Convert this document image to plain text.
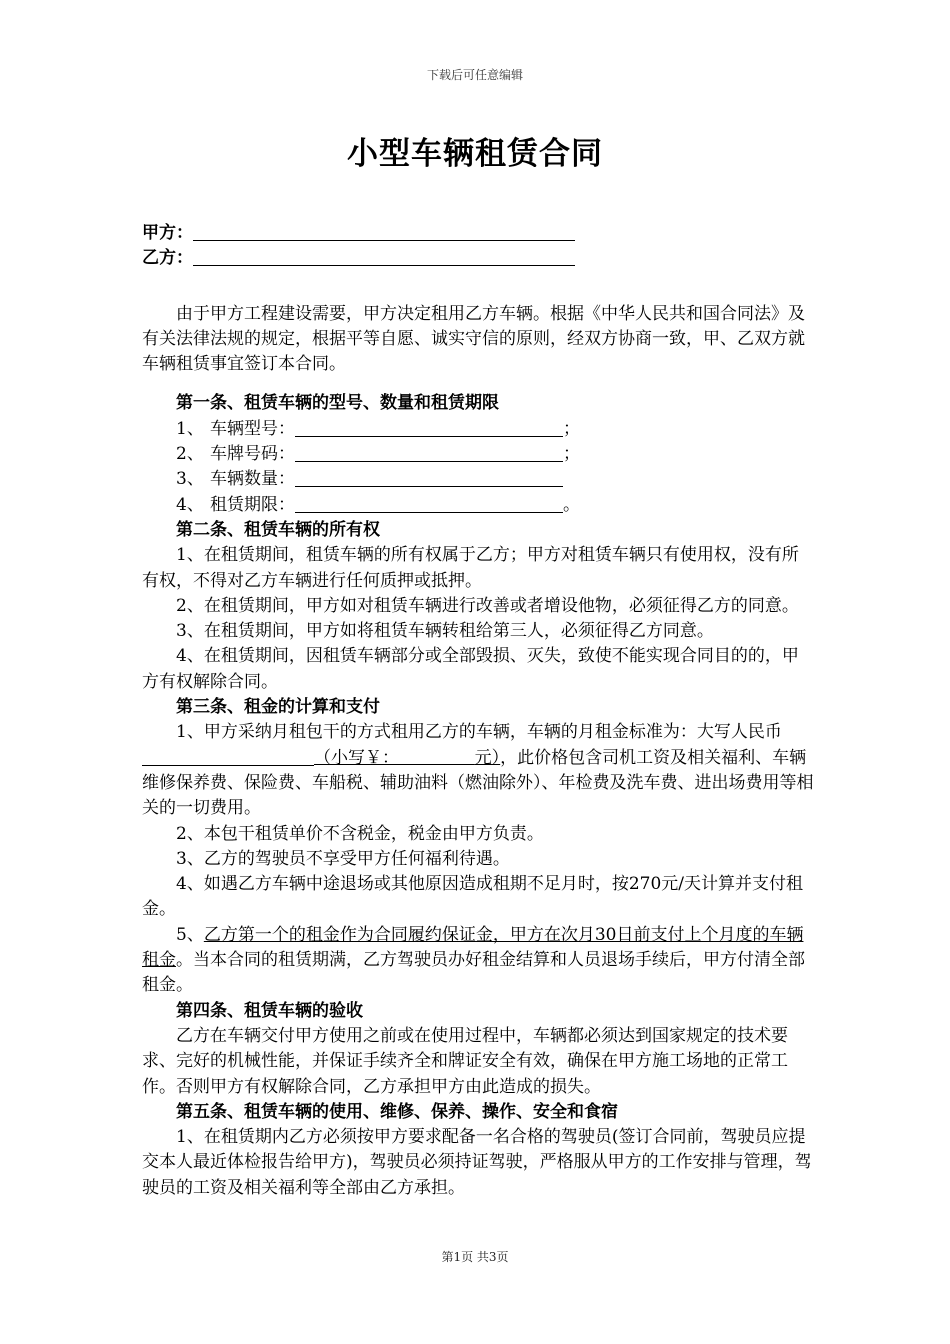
下载后可任意编辑
小型车辆租赁合同

甲方：

乙方：

由于甲方工程建设需要，甲方决定租用乙方车辆。根据《中华人民共和国合同法》及有关法律法规的规定，根据平等自愿、诚实守信的原则，经双方协商一致，甲、乙双方就车辆租赁事宜签订本合同。

第一条、租赁车辆的型号、数量和租赁期限

1、 车辆型号：	；

2、 车牌号码：	；

3、 车辆数量：

4、 租赁期限：	。

第二条、租赁车辆的所有权

1、在租赁期间，租赁车辆的所有权属于乙方；甲方对租赁车辆只有使用权，没有所有权，不得对乙方车辆进行任何质押或抵押。

2、在租赁期间，甲方如对租赁车辆进行改善或者增设他物，必须征得乙方的同意。

3、在租赁期间，甲方如将租赁车辆转租给第三人，必须征得乙方同意。

4、在租赁期间，因租赁车辆部分或全部毁损、灭失，致使不能实现合同目的的，甲方有权解除合同。

第三条、租金的计算和支付

1、甲方采纳月租包干的方式租用乙方的车辆，车辆的月租金标准为：大写人民币（小写￥：	元），此价格包含司机工资及相关福利、车辆维修保养费、保险费、车船税、辅助油料（燃油除外）、年检费及洗车费、进出场费用等相关的一切费用。

2、本包干租赁单价不含税金，税金由甲方负责。

3、乙方的驾驶员不享受甲方任何福利待遇。

4、如遇乙方车辆中途退场或其他原因造成租期不足月时，按270元/天计算并支付租金。

5、乙方第一个的租金作为合同履约保证金，甲方在次月30日前支付上个月度的车辆租金。当本合同的租赁期满，乙方驾驶员办好租金结算和人员退场手续后，甲方付清全部租金。

第四条、租赁车辆的验收

乙方在车辆交付甲方使用之前或在使用过程中，车辆都必须达到国家规定的技术要求、完好的机械性能，并保证手续齐全和牌证安全有效，确保在甲方施工场地的正常工作。否则甲方有权解除合同，乙方承担甲方由此造成的损失。

第五条、租赁车辆的使用、维修、保养、操作、安全和食宿

1、在租赁期内乙方必须按甲方要求配备一名合格的驾驶员(签订合同前，驾驶员应提交本人最近体检报告给甲方)，驾驶员必须持证驾驶，严格服从甲方的工作安排与管理，驾驶员的工资及相关福利等全部由乙方承担。

第1页 共3页
